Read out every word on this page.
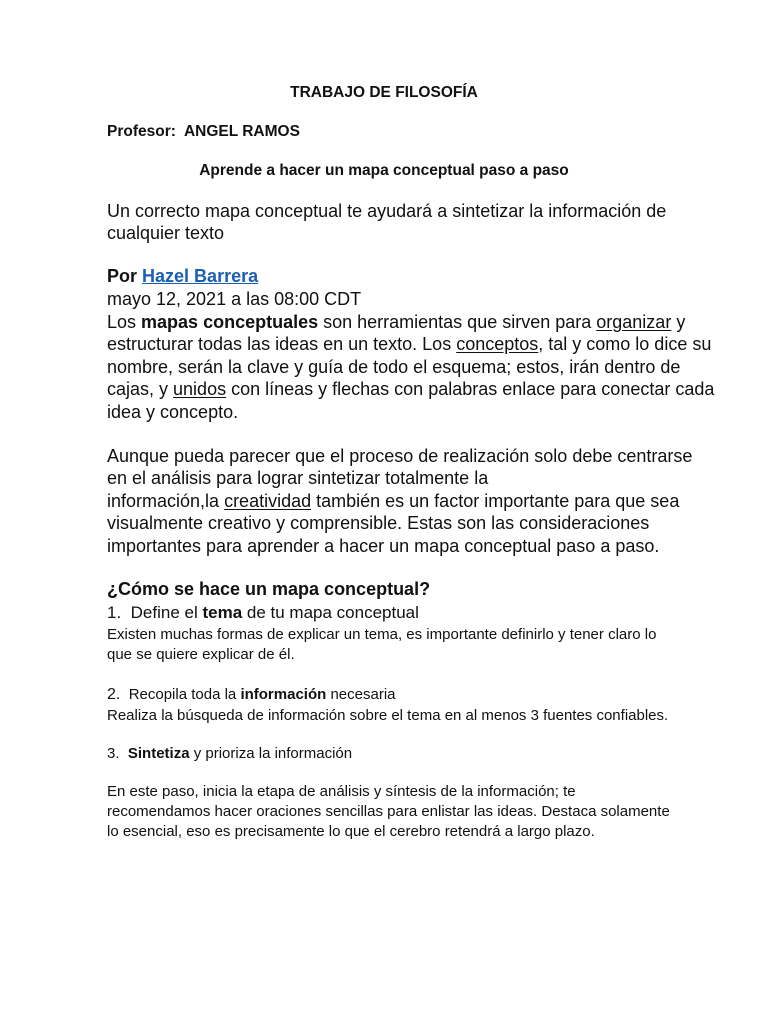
TRABAJO DE FILOSOFÍA
Profesor: ANGEL RAMOS
Aprende a hacer un mapa conceptual paso a paso
Un correcto mapa conceptual te ayudará a sintetizar la información de
cualquier texto
Por Hazel Barrera
mayo 12, 2021 a las 08:00 CDT
Los mapas conceptuales son herramientas que sirven para organizar y
estructurar todas las ideas en un texto. Los conceptos, tal y como lo dice su
nombre, serán la clave y guía de todo el esquema; estos, irán dentro de
cajas, y unidos con líneas y flechas con palabras enlace para conectar cada
idea y concepto.
Aunque pueda parecer que el proceso de realización solo debe centrarse
en el análisis para lograr sintetizar totalmente la
información,la creatividad también es un factor importante para que sea
visualmente creativo y comprensible. Estas son las consideraciones
importantes para aprender a hacer un mapa conceptual paso a paso.
¿Cómo se hace un mapa conceptual?
1. Define el tema de tu mapa conceptual
Existen muchas formas de explicar un tema, es importante definirlo y tener claro lo
que se quiere explicar de él.
2. Recopila toda la información necesaria
Realiza la búsqueda de información sobre el tema en al menos 3 fuentes confiables.
3. Sintetiza y prioriza la información
En este paso, inicia la etapa de análisis y síntesis de la información; te
recomendamos hacer oraciones sencillas para enlistar las ideas. Destaca solamente
lo esencial, eso es precisamente lo que el cerebro retendrá a largo plazo.
